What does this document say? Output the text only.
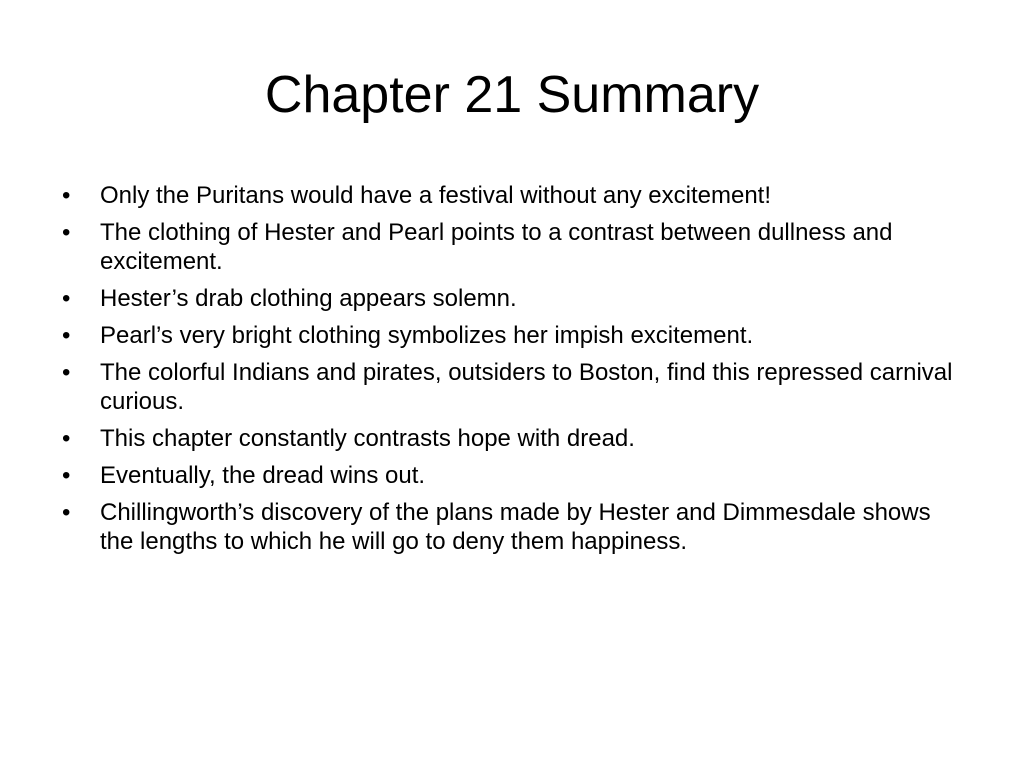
Chapter 21 Summary
•	Only the Puritans would have a festival without any excitement!
•	The clothing of Hester and Pearl points to a contrast between dullness and excitement.
•	Hester’s drab clothing appears solemn.
•	Pearl’s very bright clothing symbolizes her impish excitement.
•	The colorful Indians and pirates, outsiders to Boston, find this repressed carnival curious.
•	This chapter constantly contrasts hope with dread.
•	Eventually, the dread wins out.
•	Chillingworth’s discovery of the plans made by Hester and Dimmesdale shows the lengths to which he will go to deny them happiness.
